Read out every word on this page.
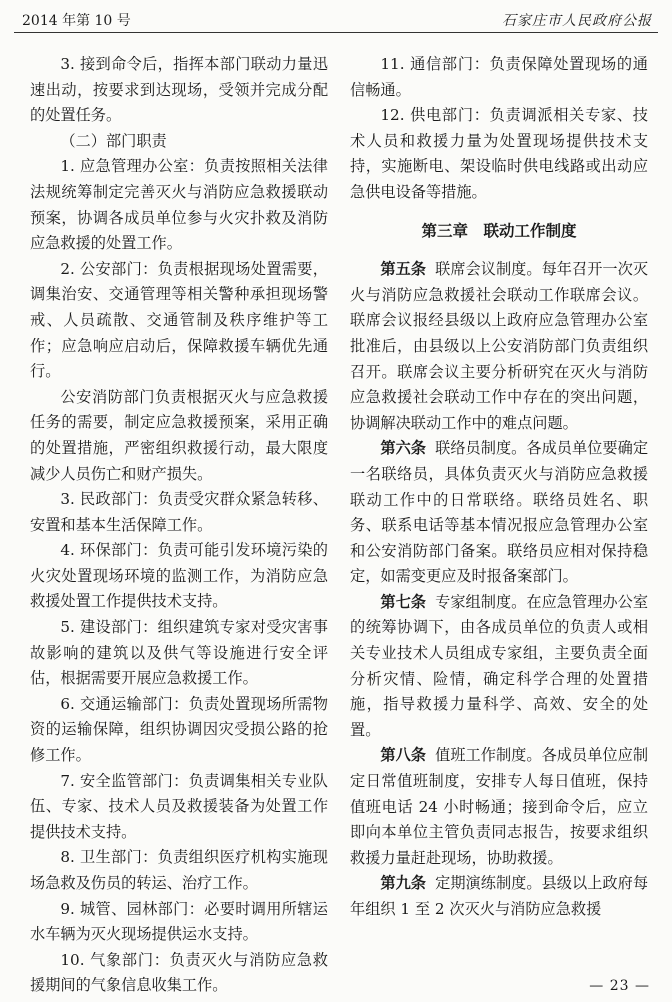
2014 年第 10 号	石家庄市人民政府公报

3. 接到命令后，指挥本部门联动力量迅速出动，按要求到达现场，受领并完成分配的处置任务。

（二）部门职责

1. 应急管理办公室：负责按照相关法律法规统筹制定完善灭火与消防应急救援联动预案，协调各成员单位参与火灾扑救及消防应急救援的处置工作。

2. 公安部门：负责根据现场处置需要，调集治安、交通管理等相关警种承担现场警戒、人员疏散、交通管制及秩序维护等工作；应急响应启动后，保障救援车辆优先通行。

公安消防部门负责根据灭火与应急救援任务的需要，制定应急救援预案，采用正确的处置措施，严密组织救援行动，最大限度减少人员伤亡和财产损失。

3. 民政部门：负责受灾群众紧急转移、安置和基本生活保障工作。

4. 环保部门：负责可能引发环境污染的火灾处置现场环境的监测工作，为消防应急救援处置工作提供技术支持。

5. 建设部门：组织建筑专家对受灾害事故影响的建筑以及供气等设施进行安全评估，根据需要开展应急救援工作。

6. 交通运输部门：负责处置现场所需物资的运输保障，组织协调因灾受损公路的抢修工作。

7. 安全监管部门：负责调集相关专业队伍、专家、技术人员及救援装备为处置工作提供技术支持。

8. 卫生部门：负责组织医疗机构实施现场急救及伤员的转运、治疗工作。

9. 城管、园林部门：必要时调用所辖运水车辆为灭火现场提供运水支持。

10. 气象部门：负责灭火与消防应急救援期间的气象信息收集工作。

11. 通信部门：负责保障处置现场的通信畅通。

12. 供电部门：负责调派相关专家、技术人员和救援力量为处置现场提供技术支持，实施断电、架设临时供电线路或出动应急供电设备等措施。

第三章　联动工作制度

第五条 联席会议制度。每年召开一次灭火与消防应急救援社会联动工作联席会议。联席会议报经县级以上政府应急管理办公室批准后，由县级以上公安消防部门负责组织召开。联席会议主要分析研究在灭火与消防应急救援社会联动工作中存在的突出问题，协调解决联动工作中的难点问题。

第六条 联络员制度。各成员单位要确定一名联络员，具体负责灭火与消防应急救援联动工作中的日常联络。联络员姓名、职务、联系电话等基本情况报应急管理办公室和公安消防部门备案。联络员应相对保持稳定，如需变更应及时报备案部门。

第七条 专家组制度。在应急管理办公室的统筹协调下，由各成员单位的负责人或相关专业技术人员组成专家组，主要负责全面分析灾情、险情，确定科学合理的处置措施，指导救援力量科学、高效、安全的处置。

第八条 值班工作制度。各成员单位应制定日常值班制度，安排专人每日值班，保持值班电话 24 小时畅通；接到命令后，应立即向本单位主管负责同志报告，按要求组织救援力量赶赴现场，协助救援。

第九条 定期演练制度。县级以上政府每年组织 1 至 2 次灭火与消防应急救援

— 23 —
